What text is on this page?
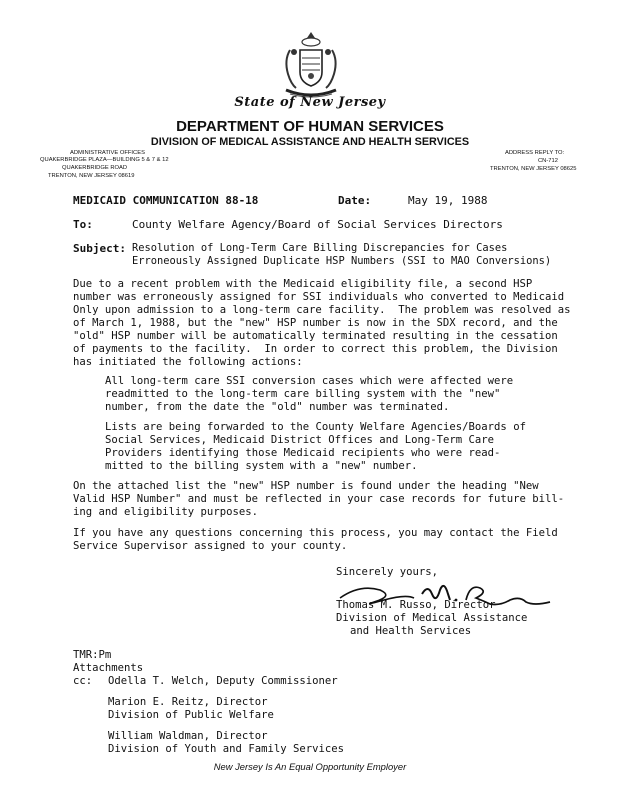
State of New Jersey
DEPARTMENT OF HUMAN SERVICES
DIVISION OF MEDICAL ASSISTANCE AND HEALTH SERVICES
ADMINISTRATIVE OFFICES
QUAKERBRIDGE PLAZA—BUILDING 5 & 7 & 12
QUAKERBRIDGE ROAD
TRENTON, NEW JERSEY 08619
ADDRESS REPLY TO:
CN-712
TRENTON, NEW JERSEY 08625
MEDICAID COMMUNICATION 88-18	Date:	May 19, 1988
To:	County Welfare Agency/Board of Social Services Directors
Subject: Resolution of Long-Term Care Billing Discrepancies for Cases
Erroneously Assigned Duplicate HSP Numbers (SSI to MAO Conversions)
Due to a recent problem with the Medicaid eligibility file, a second HSP
number was erroneously assigned for SSI individuals who converted to Medicaid
Only upon admission to a long-term care facility.  The problem was resolved as
of March 1, 1988, but the "new" HSP number is now in the SDX record, and the
"old" HSP number will be automatically terminated resulting in the cessation
of payments to the facility.  In order to correct this problem, the Division
has initiated the following actions:
All long-term care SSI conversion cases which were affected were
readmitted to the long-term care billing system with the "new"
number, from the date the "old" number was terminated.
Lists are being forwarded to the County Welfare Agencies/Boards of
Social Services, Medicaid District Offices and Long-Term Care
Providers identifying those Medicaid recipients who were read-
mitted to the billing system with a "new" number.
On the attached list the "new" HSP number is found under the heading "New
Valid HSP Number" and must be reflected in your case records for future bill-
ing and eligibility purposes.
If you have any questions concerning this process, you may contact the Field
Service Supervisor assigned to your county.
Sincerely yours,
Thomas M. Russo, Director
Division of Medical Assistance
and Health Services
TMR:Pm
Attachments
cc: Odella T. Welch, Deputy Commissioner
Marion E. Reitz, Director
Division of Public Welfare
William Waldman, Director
Division of Youth and Family Services
New Jersey Is An Equal Opportunity Employer
